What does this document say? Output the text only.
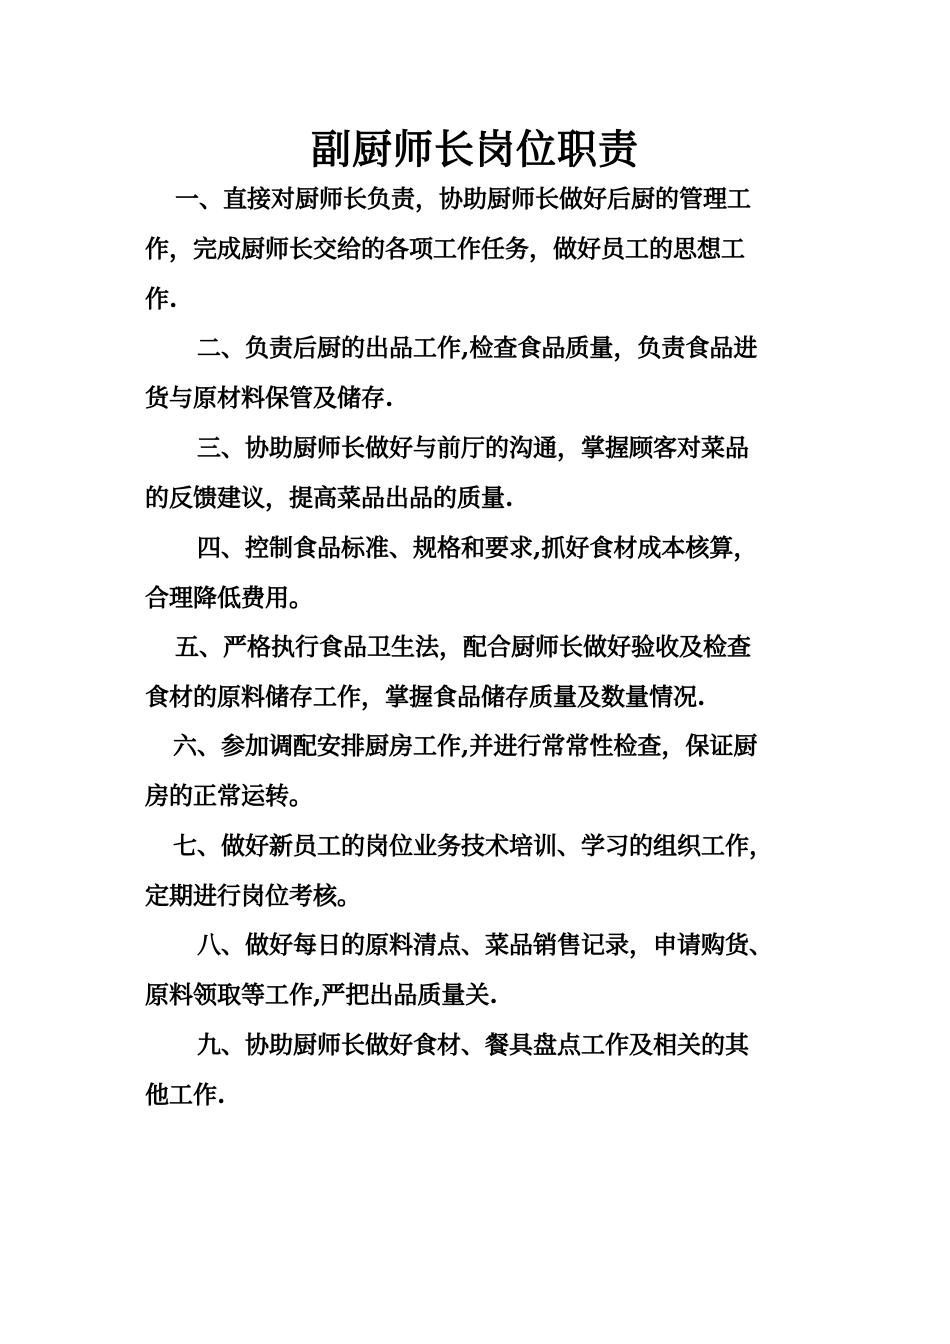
副厨师长岗位职责
一、直接对厨师长负责，协助厨师长做好后厨的管理工
作，完成厨师长交给的各项工作任务，做好员工的思想工
作.
二、负责后厨的出品工作,检查食品质量，负责食品进
货与原材料保管及储存.
三、协助厨师长做好与前厅的沟通，掌握顾客对菜品
的反馈建议，提高菜品出品的质量.
四、控制食品标准、规格和要求,抓好食材成本核算，
合理降低费用。
五、严格执行食品卫生法，配合厨师长做好验收及检查
食材的原料储存工作，掌握食品储存质量及数量情况.
六、参加调配安排厨房工作,并进行常常性检查，保证厨
房的正常运转。
七、做好新员工的岗位业务技术培训、学习的组织工作，
定期进行岗位考核。
八、做好每日的原料清点、菜品销售记录，申请购货、
原料领取等工作,严把出品质量关.
九、协助厨师长做好食材、餐具盘点工作及相关的其
他工作.
